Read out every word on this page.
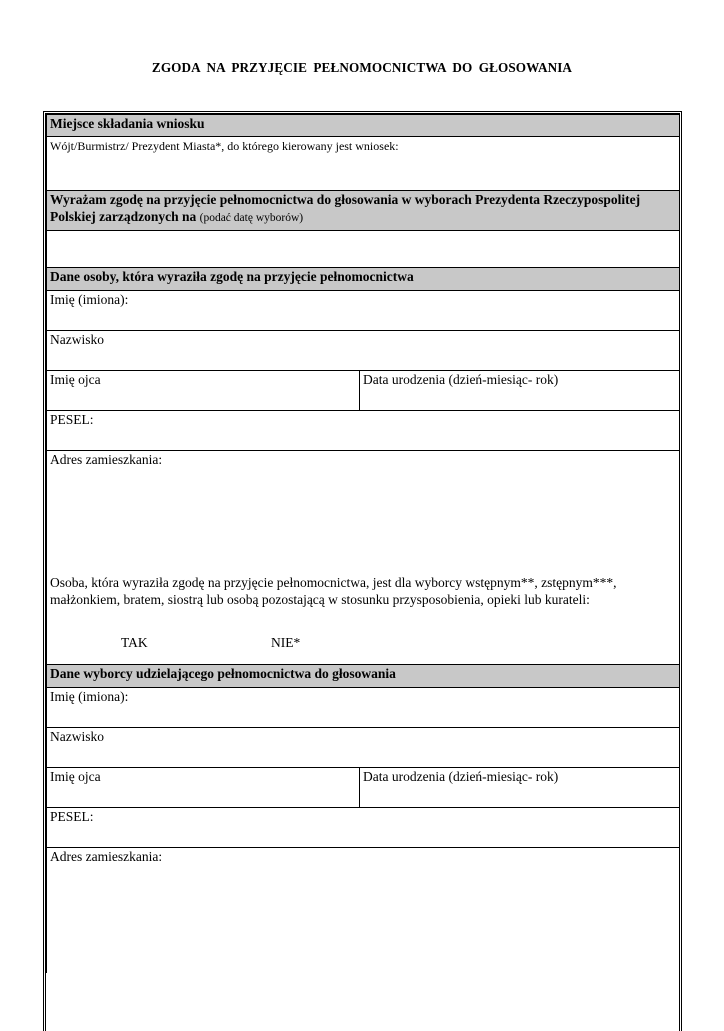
ZGODA NA PRZYJĘCIE PEŁNOMOCNICTWA DO GŁOSOWANIA
Miejsce składania wniosku	
Wójt/Burmistrz/ Prezydent Miasta*, do którego kierowany jest wniosek:	
Wyrażam zgodę na przyjęcie pełnomocnictwa do głosowania w wyborach Prezydenta Rzeczypospolitej Polskiej zarządzonych na (podać datę wyborów)	

Dane osoby, która wyraziła zgodę na przyjęcie pełnomocnictwa	
Imię (imiona):	
Nazwisko	
Imię ojca	Data urodzenia (dzień-miesiąc- rok)
PESEL:	
Adres zamieszkania:	

Osoba, która wyraziła zgodę na przyjęcie pełnomocnictwa, jest dla wyborcy wstępnym**, zstępnym***, małżonkiem, bratem, siostrą lub osobą pozostającą w stosunku przysposobienia, opieki lub kurateli:
TAK NIE*	

Dane wyborcy udzielającego pełnomocnictwa do głosowania	
Imię (imiona):	
Nazwisko	
Imię ojca	Data urodzenia (dzień-miesiąc- rok)
PESEL:	
Adres zamieszkania:	
